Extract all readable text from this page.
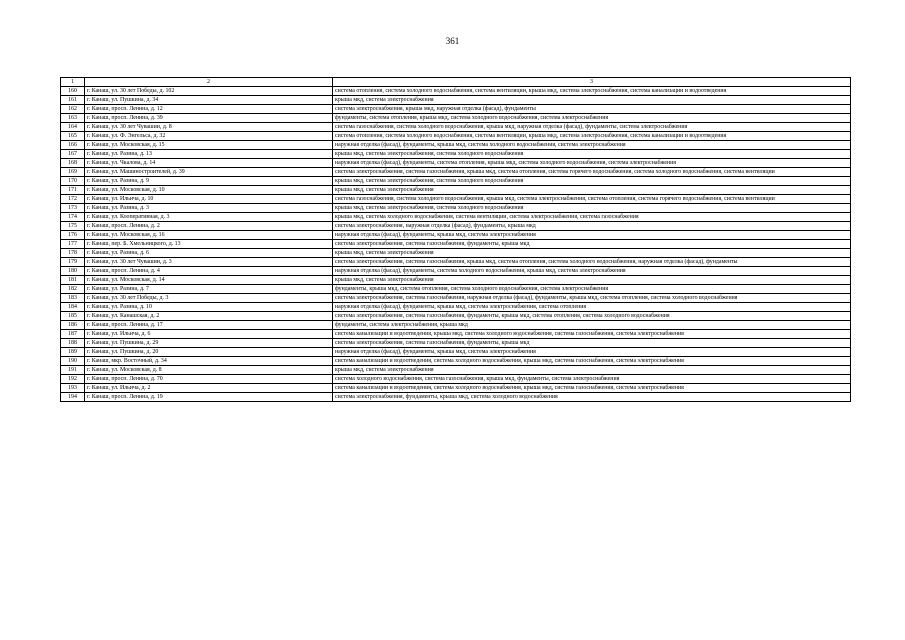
361
1	2	3
160	г. Канаш, ул. 30 лет Победы, д. 102	система отопления, система холодного водоснабжения, система вентиляции, крыша мкд, система электроснабжения, система канализации и водоотведения
161	г. Канаш, ул. Пушкина, д. 34	крыша мкд, система электроснабжения
162	г. Канаш, просп. Ленина, д. 12	система электроснабжения, крыша мкд, наружная отделка (фасад), фундаменты
163	г. Канаш, просп. Ленина, д. 39	фундаменты, система отопления, крыша мкд, система холодного водоснабжения, система электроснабжения
164	г. Канаш, ул. 30 лет Чувашии, д. 8	система газоснабжения, система холодного водоснабжения, крыша мкд, наружная отделка (фасад), фундаменты, система электроснабжения
165	г. Канаш, ул. Ф. Энгельса, д. 32	система отопления, система холодного водоснабжения, система вентиляции, крыша мкд, система электроснабжения, система канализации и водоотведения
166	г. Канаш, ул. Московская, д. 15	наружная отделка (фасад), фундаменты, крыша мкд, система холодного водоснабжения, система электроснабжения
167	г. Канаш, ул. Разина, д. 13	крыша мкд, система электроснабжения, система холодного водоснабжения
168	г. Канаш, ул. Чкалова, д. 14	наружная отделка (фасад), фундаменты, система отопления, крыша мкд, система холодного водоснабжения, система электроснабжения
169	г. Канаш, ул. Машиностроителей, д. 39	система электроснабжения, система газоснабжения, крыша мкд, система отопления, система горячего водоснабжения, система холодного водоснабжения, система вентиляции
170	г. Канаш, ул. Разина, д. 9	крыша мкд, система электроснабжения, система холодного водоснабжения
171	г. Канаш, ул. Московская, д. 10	крыша мкд, система электроснабжения
172	г. Канаш, ул. Ильича, д. 10	система газоснабжения, система холодного водоснабжения, крыша мкд, система электроснабжения, система отопления, система горячего водоснабжения, система вентиляции
173	г. Канаш, ул. Разина, д. 3	крыша мкд, система электроснабжения, система холодного водоснабжения
174	г. Канаш, ул. Кооперативная, д. 3	крыша мкд, система холодного водоснабжения, система вентиляции, система электроснабжения, система газоснабжения
175	г. Канаш, просп. Ленина, д. 2	система электроснабжения, наружная отделка (фасад), фундаменты, крыша мкд
176	г. Канаш, ул. Московская, д. 16	наружная отделка (фасад), фундаменты, крыша мкд, система электроснабжения
177	г. Канаш, пер. Б. Хмельницкого, д. 13	система электроснабжения, система газоснабжения, фундаменты, крыша мкд
178	г. Канаш, ул. Разина, д. 6	крыша мкд, система электроснабжения
179	г. Канаш, ул. 30 лет Чувашии, д. 3	система электроснабжения, система газоснабжения, крыша мкд, система отопления, система холодного водоснабжения, наружная отделка (фасад), фундаменты
180	г. Канаш, просп. Ленина, д. 4	наружная отделка (фасад), фундаменты, система холодного водоснабжения, крыша мкд, система электроснабжения
181	г. Канаш, ул. Московская, д. 14	крыша мкд, система электроснабжения
182	г. Канаш, ул. Разина, д. 7	фундаменты, крыша мкд, система отопления, система холодного водоснабжения, система электроснабжения
183	г. Канаш, ул. 30 лет Победы, д. 3	система электроснабжения, система газоснабжения, наружная отделка (фасад), фундаменты, крыша мкд, система отопления, система холодного водоснабжения
184	г. Канаш, ул. Разина, д. 10	наружная отделка (фасад), фундаменты, крыша мкд, система электроснабжения, система отопления
185	г. Канаш, ул. Канашская, д. 2	система электроснабжения, система газоснабжения, фундаменты, крыша мкд, система отопления, система холодного водоснабжения
186	г. Канаш, просп. Ленина, д. 17	фундаменты, система электроснабжения, крыша мкд
187	г. Канаш, ул. Ильича, д. 6	система канализации и водоотведения, крыша мкд, система холодного водоснабжения, система газоснабжения, система электроснабжения
188	г. Канаш, ул. Пушкина, д. 29	система электроснабжения, система газоснабжения, фундаменты, крыша мкд
189	г. Канаш, ул. Пушкина, д. 20	наружная отделка (фасад), фундаменты, крыша мкд, система электроснабжения
190	г. Канаш, мкр. Восточный, д. 34	система канализации и водоотведения, система холодного водоснабжения, крыша мкд, система газоснабжения, система электроснабжения
191	г. Канаш, ул. Московская, д. 8	крыша мкд, система электроснабжения
192	г. Канаш, просп. Ленина, д. 70	система холодного водоснабжения, система газоснабжения, крыша мкд, фундаменты, система электроснабжения
193	г. Канаш, ул. Ильича, д. 2	система канализации и водоотведения, система холодного водоснабжения, крыша мкд, система газоснабжения, система электроснабжения
194	г. Канаш, просп. Ленина, д. 19	система электроснабжения, фундаменты, крыша мкд, система холодного водоснабжения
